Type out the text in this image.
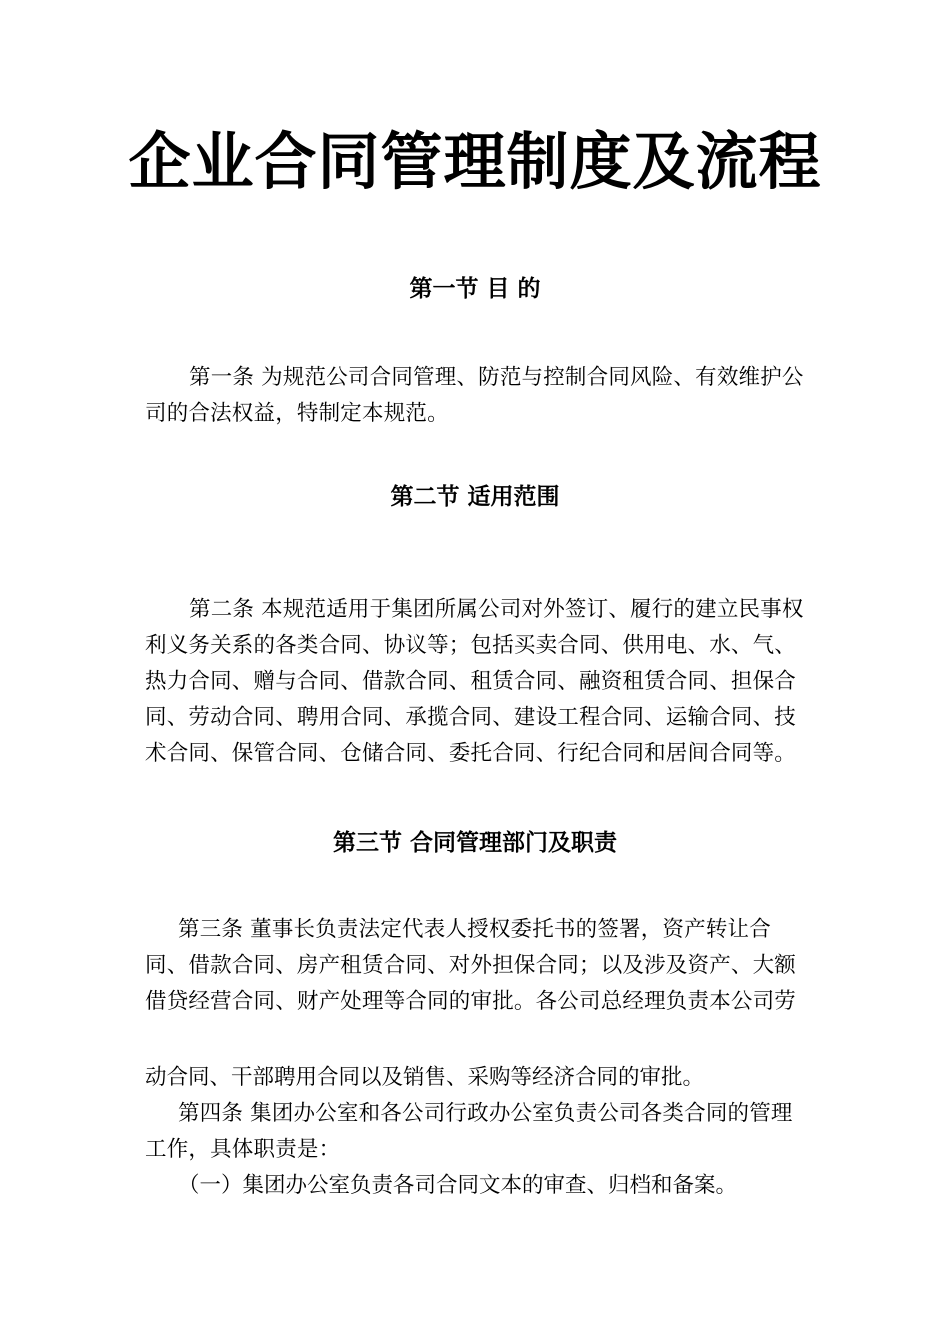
企业合同管理制度及流程
第一节 目 的
第一条 为规范公司合同管理、防范与控制合同风险、有效维护公司的合法权益，特制定本规范。
第二节 适用范围
第二条 本规范适用于集团所属公司对外签订、履行的建立民事权利义务关系的各类合同、协议等；包括买卖合同、供用电、水、气、热力合同、赠与合同、借款合同、租赁合同、融资租赁合同、担保合同、劳动合同、聘用合同、承揽合同、建设工程合同、运输合同、技术合同、保管合同、仓储合同、委托合同、行纪合同和居间合同等。
第三节 合同管理部门及职责
第三条 董事长负责法定代表人授权委托书的签署，资产转让合同、借款合同、房产租赁合同、对外担保合同；以及涉及资产、大额借贷经营合同、财产处理等合同的审批。各公司总经理负责本公司劳
动合同、干部聘用合同以及销售、采购等经济合同的审批。
第四条 集团办公室和各公司行政办公室负责公司各类合同的管理工作，具体职责是：
（一）集团办公室负责各司合同文本的审查、归档和备案。
